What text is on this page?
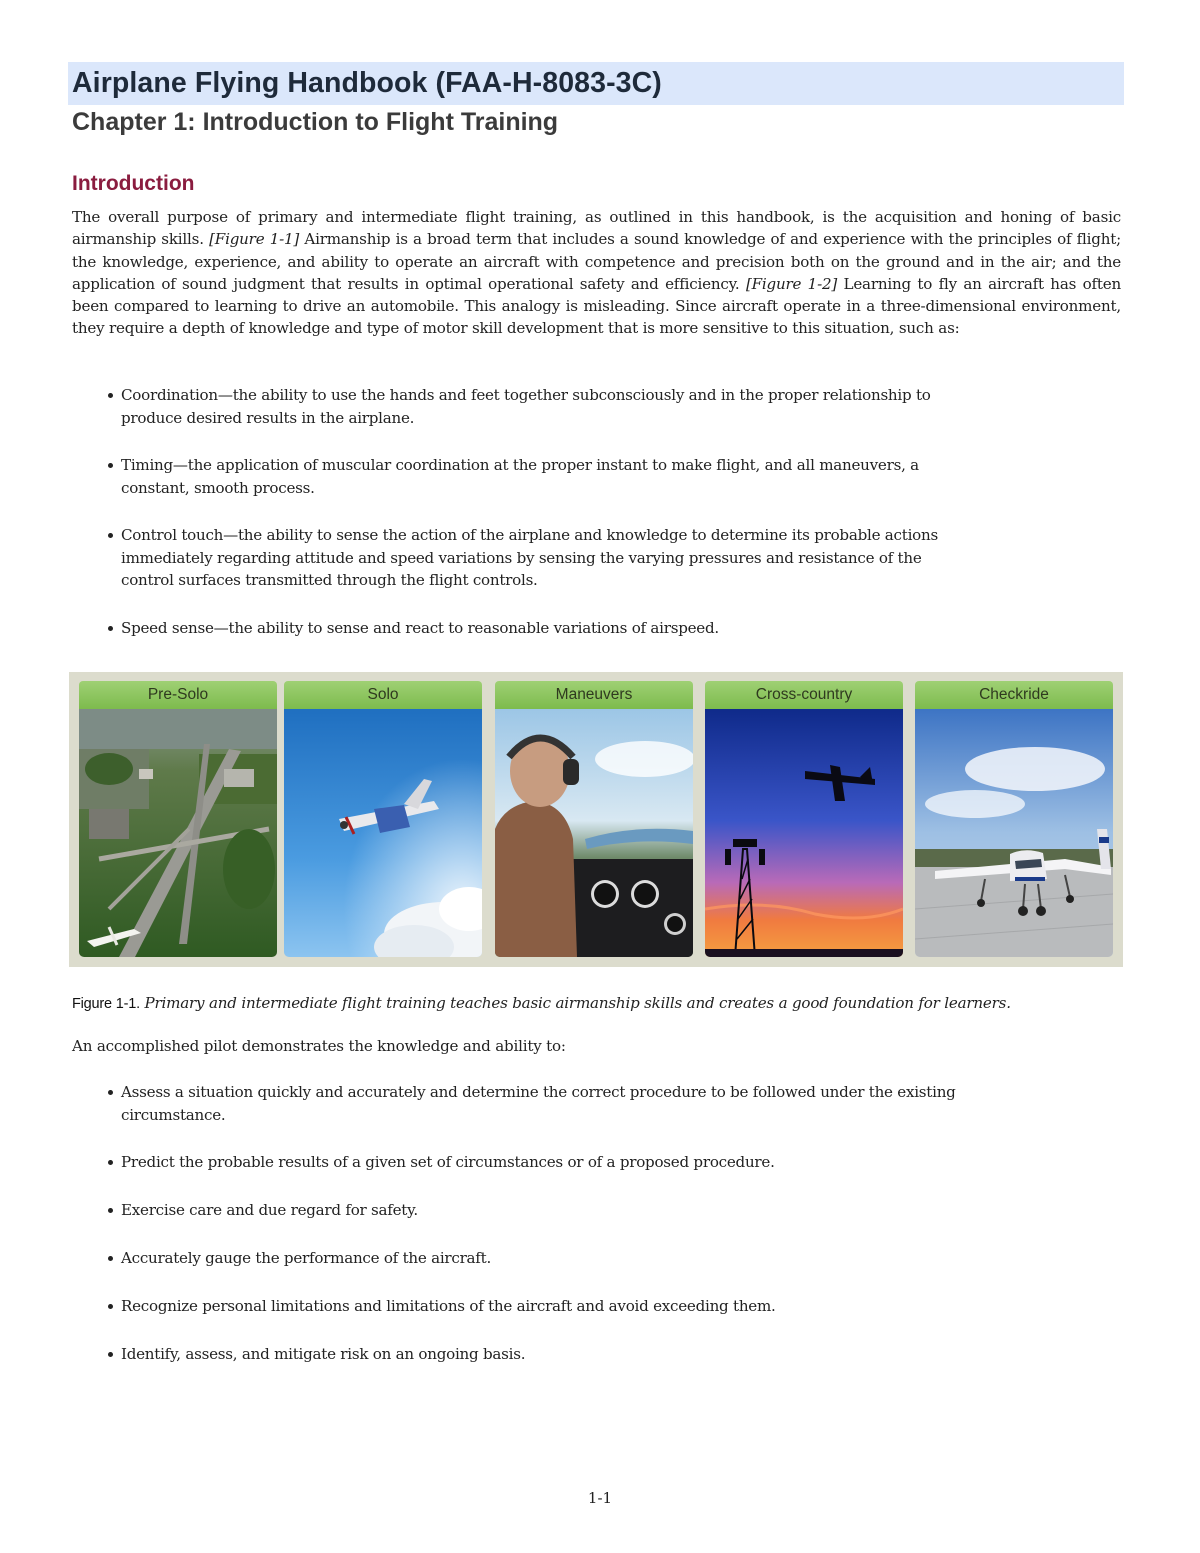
Airplane Flying Handbook (FAA-H-8083-3C)
Chapter 1: Introduction to Flight Training
Introduction

The overall purpose of primary and intermediate flight training, as outlined in this handbook, is the acquisition and honing of basic airmanship skills. [Figure 1-1] Airmanship is a broad term that includes a sound knowledge of and experience with the principles of flight; the knowledge, experience, and ability to operate an aircraft with competence and precision both on the ground and in the air; and the application of sound judgment that results in optimal operational safety and efficiency. [Figure 1-2] Learning to fly an aircraft has often been compared to learning to drive an automobile. This analogy is misleading. Since aircraft operate in a three-dimensional environment, they require a depth of knowledge and type of motor skill development that is more sensitive to this situation, such as:

Coordination—the ability to use the hands and feet together subconsciously and in the proper relationship to produce desired results in the airplane.
Timing—the application of muscular coordination at the proper instant to make flight, and all maneuvers, a constant, smooth process.
Control touch—the ability to sense the action of the airplane and knowledge to determine its probable actions immediately regarding attitude and speed variations by sensing the varying pressures and resistance of the control surfaces transmitted through the flight controls.
Speed sense—the ability to sense and react to reasonable variations of airspeed.
Pre-Solo	Solo	Maneuvers	Cross-country	Checkride

Figure 1-1. Primary and intermediate flight training teaches basic airmanship skills and creates a good foundation for learners.

An accomplished pilot demonstrates the knowledge and ability to:

Assess a situation quickly and accurately and determine the correct procedure to be followed under the existing circumstance.
Predict the probable results of a given set of circumstances or of a proposed procedure.
Exercise care and due regard for safety.
Accurately gauge the performance of the aircraft.
Recognize personal limitations and limitations of the aircraft and avoid exceeding them.
Identify, assess, and mitigate risk on an ongoing basis.
1-1
